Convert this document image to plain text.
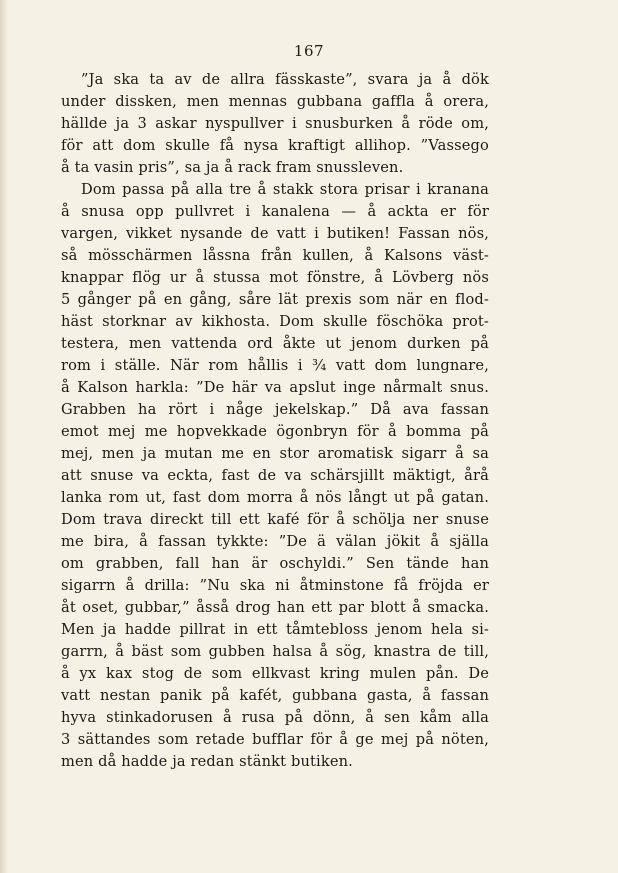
167
”Ja ska ta av de allra fässkaste”, svara ja å dök
under dissken, men mennas gubbana gaffla å orera,
hällde ja 3 askar nyspullver i snusburken å röde om,
för att dom skulle få nysa kraftigt allihop. ”Vassego
å ta vasin pris”, sa ja å rack fram snussleven.
Dom passa på alla tre å stakk stora prisar i kranana
å snusa opp pullvret i kanalena — å ackta er för
vargen, vikket nysande de vatt i butiken! Fassan nös,
så mösschärmen låssna från kullen, å Kalsons väst-
knappar flög ur å stussa mot fönstre, å Lövberg nös
5 gånger på en gång, såre lät prexis som när en flod-
häst storknar av kikhosta. Dom skulle föschöka prot-
testera, men vattenda ord åkte ut jenom durken på
rom i ställe. När rom hållis i ¾ vatt dom lungnare,
å Kalson harkla: ”De här va apslut inge nårmalt snus.
Grabben ha rört i någe jekelskap.” Då ava fassan
emot mej me hopvekkade ögonbryn för å bomma på
mej, men ja mutan me en stor aromatisk sigarr å sa
att snuse va eckta, fast de va schärsjillt mäktigt, årå
lanka rom ut, fast dom morra å nös långt ut på gatan.
Dom trava direckt till ett kafé för å schölja ner snuse
me bira, å fassan tykkte: ”De ä välan jökit å själla
om grabben, fall han är oschyldi.” Sen tände han
sigarrn å drilla: ”Nu ska ni åtminstone få fröjda er
åt oset, gubbar,” åsså drog han ett par blott å smacka.
Men ja hadde pillrat in ett tåmtebloss jenom hela si-
garrn, å bäst som gubben halsa å sög, knastra de till,
å yx kax stog de som ellkvast kring mulen pån. De
vatt nestan panik på kafét, gubbana gasta, å fassan
hyva stinkadorusen å rusa på dönn, å sen kåm alla
3 sättandes som retade bufflar för å ge mej på nöten,
men då hadde ja redan stänkt butiken.
